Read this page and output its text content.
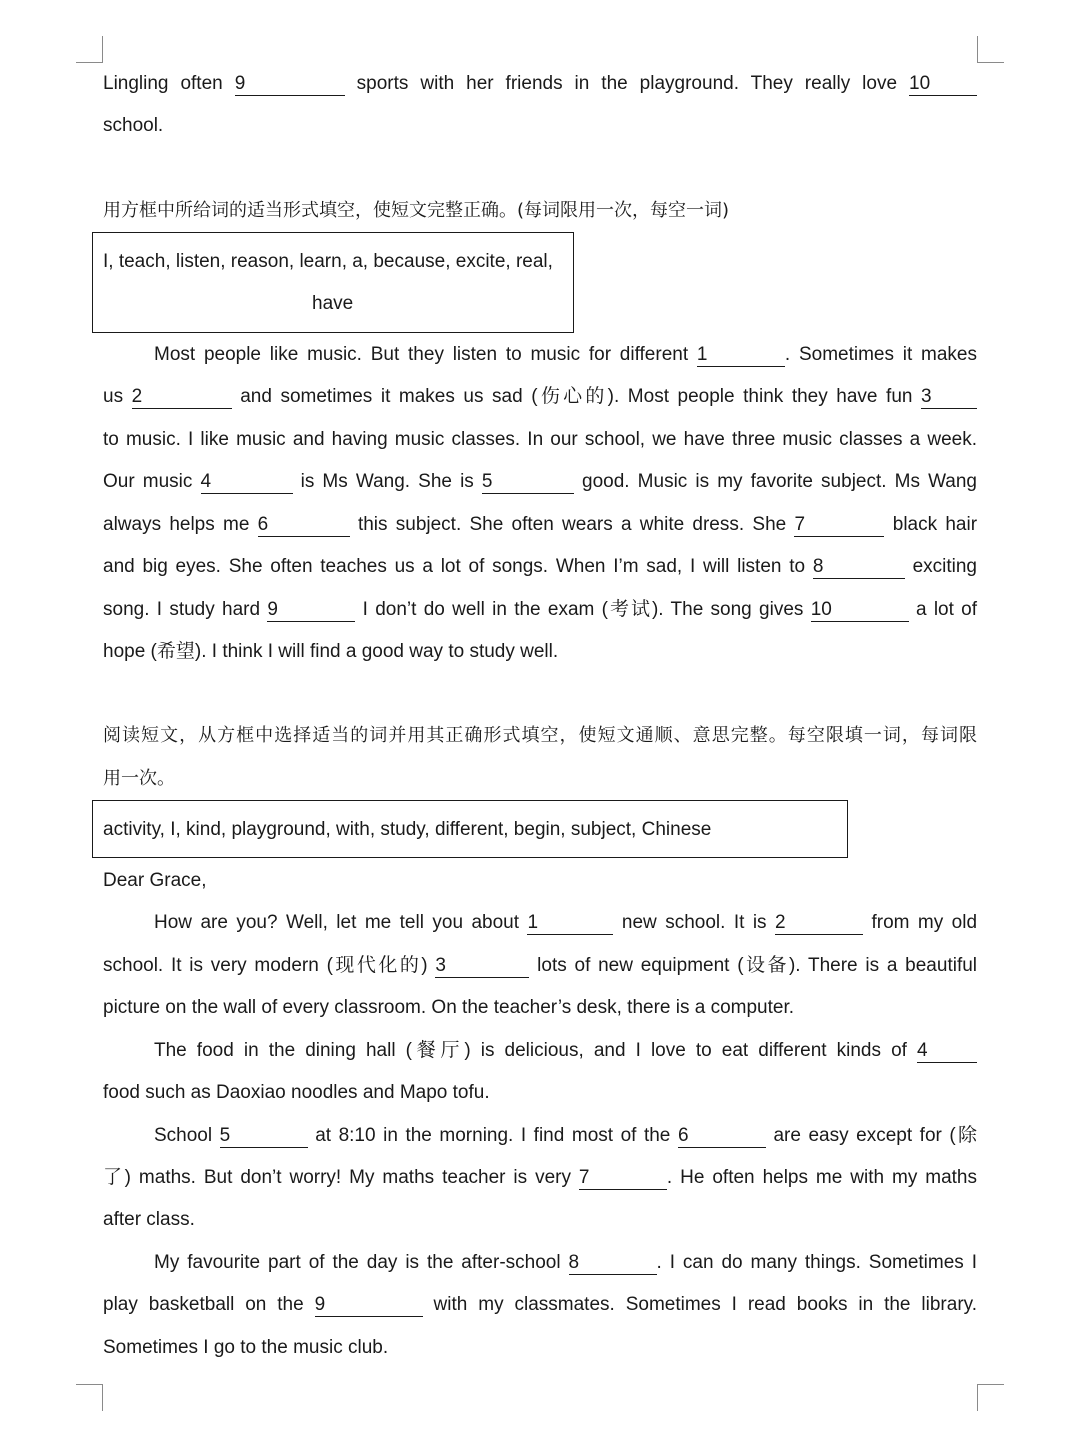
Lingling often 9	sports with her friends in the playground. They really love 10
school.
用方框中所给词的适当形式填空，使短文完整正确。(每词限用一次，每空一词)
I, teach, listen, reason, learn, a, because, excite, real,
have
Most people like music. But they listen to music for different 1	. Sometimes it makes
us 2	and sometimes it makes us sad (伤心的). Most people think they have fun 3
to music. I like music and having music classes. In our school, we have three music classes a week.
Our music 4	is Ms Wang. She is 5	good. Music is my favorite subject. Ms Wang
always helps me 6	this subject. She often wears a white dress. She 7	black hair
and big eyes. She often teaches us a lot of songs. When I’m sad, I will listen to 8	exciting
song. I study hard 9	I don’t do well in the exam (考试). The song gives 10	a lot of
hope (希望). I think I will find a good way to study well.
阅读短文，从方框中选择适当的词并用其正确形式填空，使短文通顺、意思完整。每空限填一词，每词限
用一次。
activity, I, kind, playground, with, study, different, begin, subject, Chinese
Dear Grace,
How are you? Well, let me tell you about 1	new school. It is 2	from my old
school. It is very modern (现代化的) 3	lots of new equipment (设备). There is a beautiful
picture on the wall of every classroom. On the teacher’s desk, there is a computer.
The food in the dining hall (餐厅) is delicious, and I love to eat different kinds of 4
food such as Daoxiao noodles and Mapo tofu.
School 5	at 8:10 in the morning. I find most of the 6	are easy except for (除
了) maths. But don’t worry! My maths teacher is very 7	. He often helps me with my maths
after class.
My favourite part of the day is the after-school 8	. I can do many things. Sometimes I
play basketball on the 9	with my classmates. Sometimes I read books in the library.
Sometimes I go to the music club.
